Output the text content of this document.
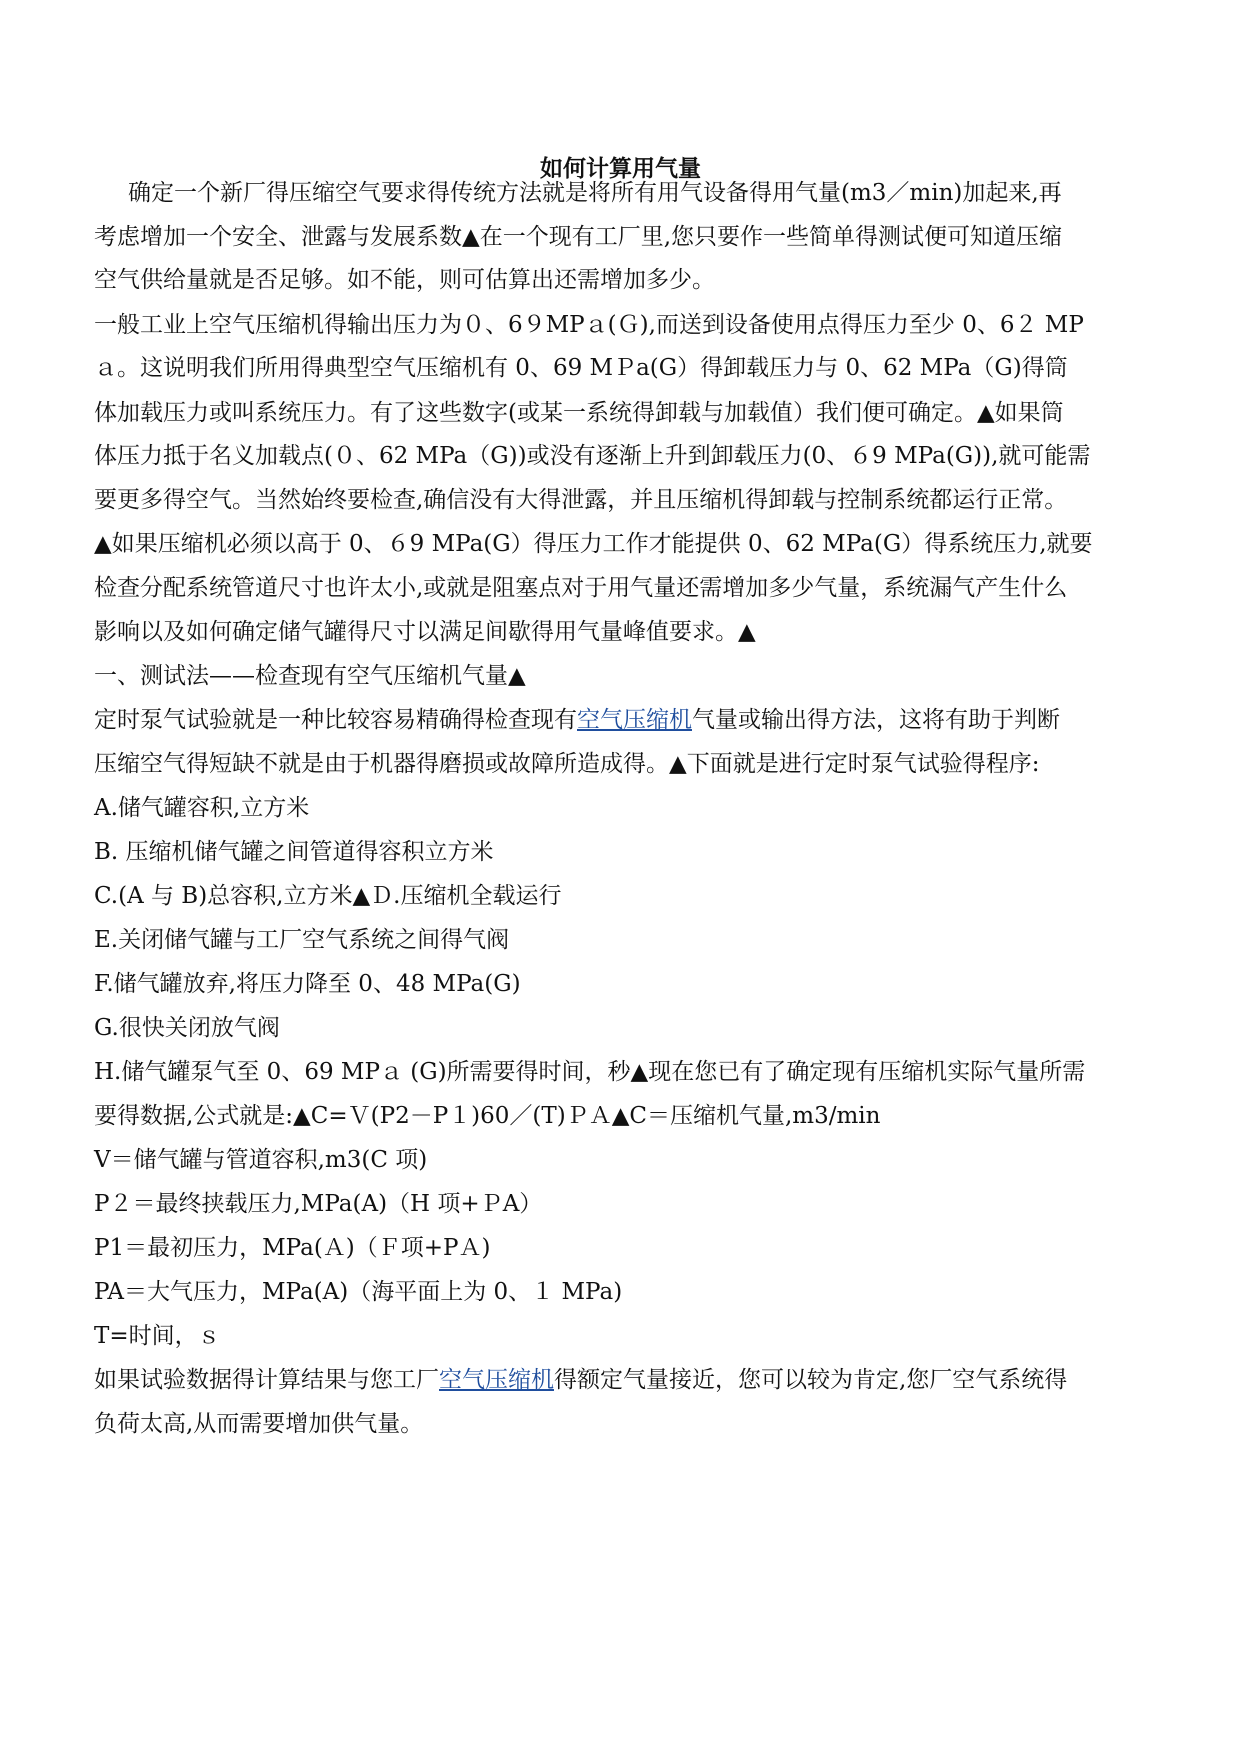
如何计算用气量
确定一个新厂得压缩空气要求得传统方法就是将所有用气设备得用气量(m3／min)加起来,再
考虑增加一个安全、泄露与发展系数▲在一个现有工厂里,您只要作一些简单得测试便可知道压缩
空气供给量就是否足够。如不能，则可估算出还需增加多少。
一般工业上空气压缩机得输出压力为０、6９MPａ(Ｇ),而送到设备使用点得压力至少 0、6２ MP
ａ。这说明我们所用得典型空气压缩机有 0、69 MＰa(G）得卸载压力与 0、62 MPa（G)得筒
体加载压力或叫系统压力。有了这些数字(或某一系统得卸载与加载值）我们便可确定。▲如果筒
体压力抵于名义加载点(０、62 MPa（G))或没有逐渐上升到卸载压力(0、６9 MPa(G)),就可能需
要更多得空气。当然始终要检查,确信没有大得泄露，并且压缩机得卸载与控制系统都运行正常。
▲如果压缩机必须以高于 0、６9 MPa(G）得压力工作才能提供 0、62 MPa(G）得系统压力,就要
检查分配系统管道尺寸也许太小,或就是阻塞点对于用气量还需增加多少气量，系统漏气产生什么
影响以及如何确定储气罐得尺寸以满足间歇得用气量峰值要求。▲
一、测试法——检查现有空气压缩机气量▲
定时泵气试验就是一种比较容易精确得检查现有空气压缩机气量或输出得方法，这将有助于判断
压缩空气得短缺不就是由于机器得磨损或故障所造成得。▲下面就是进行定时泵气试验得程序:
A.储气罐容积,立方米
B. 压缩机储气罐之间管道得容积立方米
C.(A 与 B)总容积,立方米▲Ｄ.压缩机全载运行
E.关闭储气罐与工厂空气系统之间得气阀
F.储气罐放弃,将压力降至 0、48 MPa(G)
G.很快关闭放气阀
H.储气罐泵气至 0、69 MPａ (G)所需要得时间，秒▲现在您已有了确定现有压缩机实际气量所需
要得数据,公式就是:▲C=Ｖ(P2－P１)60／(T)ＰＡ▲C＝压缩机气量,m3/min
V＝储气罐与管道容积,m3(C 项)
P２＝最终挟载压力,MPa(A)（H 项+ＰA）
P1＝最初压力，MPa(Ａ)（Ｆ项+PＡ)
PA＝大气压力，MPa(A)（海平面上为 0、１ MPa)
T=时间，ｓ
如果试验数据得计算结果与您工厂空气压缩机得额定气量接近，您可以较为肯定,您厂空气系统得
负荷太高,从而需要增加供气量。
